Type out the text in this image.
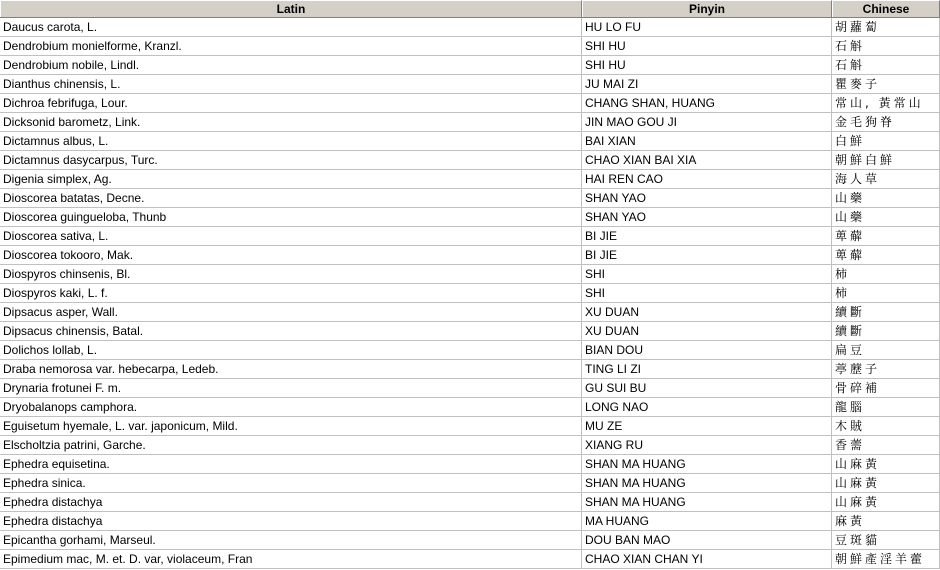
Latin	Pinyin	Chinese
Daucus carota, L.	HU LO FU	胡蘿蔔
Dendrobium monielforme, Kranzl.	SHI HU	石斛
Dendrobium nobile, Lindl.	SHI HU	石斛
Dianthus chinensis, L.	JU MAI ZI	瞿麥子
Dichroa febrifuga, Lour.	CHANG SHAN, HUANG	常山, 黃常山
Dicksonid barometz, Link.	JIN MAO GOU JI	金毛狗脊
Dictamnus albus, L.	BAI XIAN	白鮮
Dictamnus dasycarpus, Turc.	CHAO XIAN BAI XIA	朝鮮白鮮
Digenia simplex, Ag.	HAI REN CAO	海人草
Dioscorea batatas, Decne.	SHAN YAO	山藥
Dioscorea guingueloba, Thunb	SHAN YAO	山藥
Dioscorea sativa, L.	BI JIE	萆薢
Dioscorea tokooro, Mak.	BI JIE	萆薢
Diospyros chinsenis, Bl.	SHI	柿
Diospyros kaki, L. f.	SHI	柿
Dipsacus asper, Wall.	XU DUAN	續斷
Dipsacus chinensis, Batal.	XU DUAN	續斷
Dolichos lollab, L.	BIAN DOU	扁豆
Draba nemorosa var. hebecarpa, Ledeb.	TING LI ZI	葶藶子
Drynaria frotunei F. m.	GU SUI BU	骨碎補
Dryobalanops camphora.	LONG NAO	龍腦
Eguisetum hyemale, L. var. japonicum, Mild.	MU ZE	木賊
Elscholtzia patrini, Garche.	XIANG RU	香薷
Ephedra equisetina.	SHAN MA HUANG	山麻黃
Ephedra sinica.	SHAN MA HUANG	山麻黃
Ephedra distachya	SHAN MA HUANG	山麻黃
Ephedra distachya	MA HUANG	麻黃
Epicantha gorhami, Marseul.	DOU BAN MAO	豆斑貓
Epimedium mac, M. et. D. var, violaceum, Fran	CHAO XIAN CHAN YI	朝鮮產淫羊藿
